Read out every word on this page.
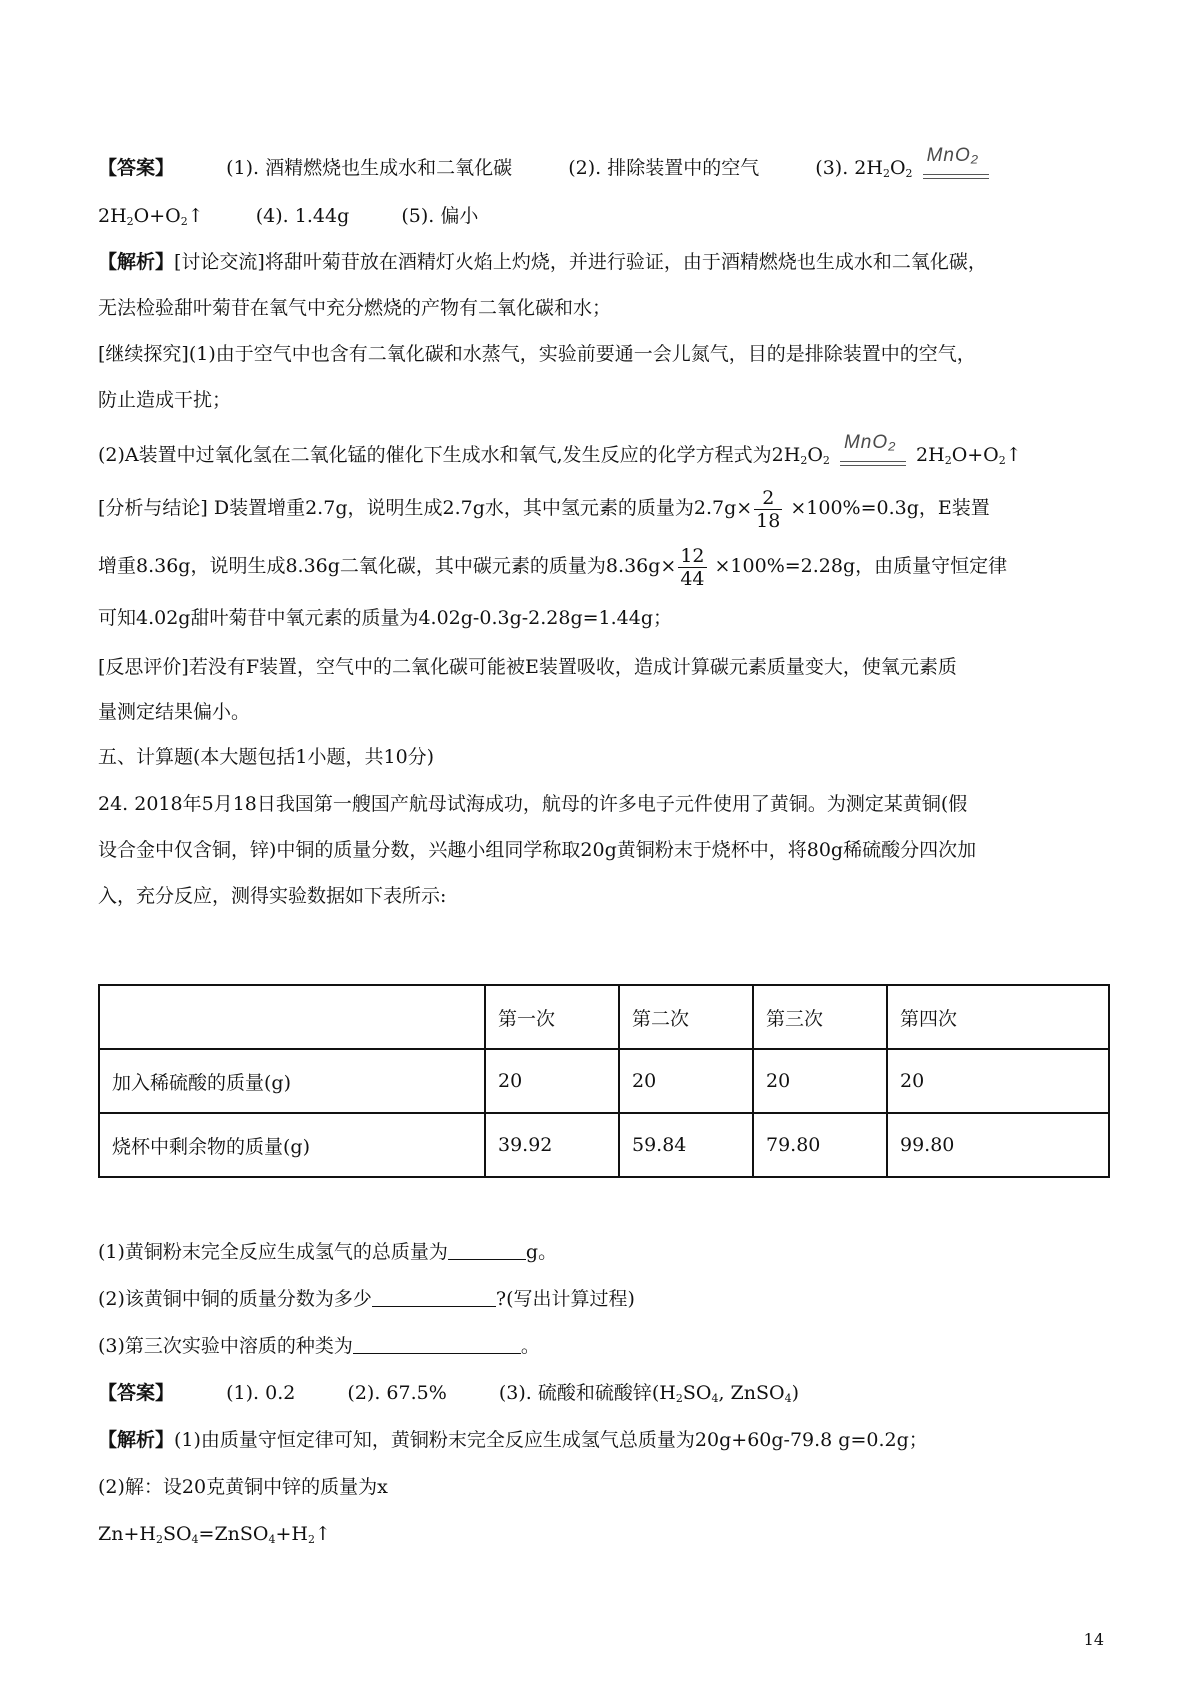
【答案】	(1). 酒精燃烧也生成水和二氧化碳	(2). 排除装置中的空气	(3). $2H_2O_2$
MnO₂
$2H_2O+O_2↑$	(4). 1.44g	(5). 偏小
【解析】[讨论交流]将甜叶菊苷放在酒精灯火焰上灼烧，并进行验证，由于酒精燃烧也生成水和二氧化碳，
无法检验甜叶菊苷在氧气中充分燃烧的产物有二氧化碳和水；
[继续探究](1)由于空气中也含有二氧化碳和水蒸气，实验前要通一会儿氮气，目的是排除装置中的空气，
防止造成干扰；
(2)A装置中过氧化氢在二氧化锰的催化下生成水和氧气,发生反应的化学方程式为$2H_2O_2$
MnO₂
$2H_2O+O_2↑$
[分析与结论] D装置增重2.7g，说明生成2.7g水，其中氢元素的质量为$2.7g\times \frac{2}{18} \times 100\%=0.3g$，E装置
增重8.36g，说明生成8.36g二氧化碳，其中碳元素的质量为$8.36g\times \frac{12}{44} \times 100\%=2.28g$，由质量守恒定律
可知4.02g甜叶菊苷中氧元素的质量为4.02g-0.3g-2.28g=1.44g；
[反思评价]若没有F装置，空气中的二氧化碳可能被E装置吸收，造成计算碳元素质量变大，使氧元素质
量测定结果偏小。
五、计算题(本大题包括1小题，共10分)
24. 2018年5月18日我国第一艘国产航母试海成功，航母的许多电子元件使用了黄铜。为测定某黄铜(假
设合金中仅含铜，锌)中铜的质量分数，兴趣小组同学称取20g黄铜粉末于烧杯中，将80g稀硫酸分四次加
入，充分反应，测得实验数据如下表所示:
	第一次	第二次	第三次	第四次
加入稀硫酸的质量(g)	20	20	20	20
烧杯中剩余物的质量(g)	39.92	59.84	79.80	99.80
(1)黄铜粉末完全反应生成氢气的总质量为	g。
(2)该黄铜中铜的质量分数为多少	?(写出计算过程)
(3)第三次实验中溶质的种类为	。
【答案】	(1). 0.2	(2). 67.5%	(3). 硫酸和硫酸锌($H_2SO_4$, ZnSO$_4$)
【解析】(1)由质量守恒定律可知，黄铜粉末完全反应生成氢气总质量为20g+60g-79.8 g=0.2g；
(2)解：设20克黄铜中锌的质量为x
$Zn+H_2SO_4=ZnSO_4+H_2↑$
14
